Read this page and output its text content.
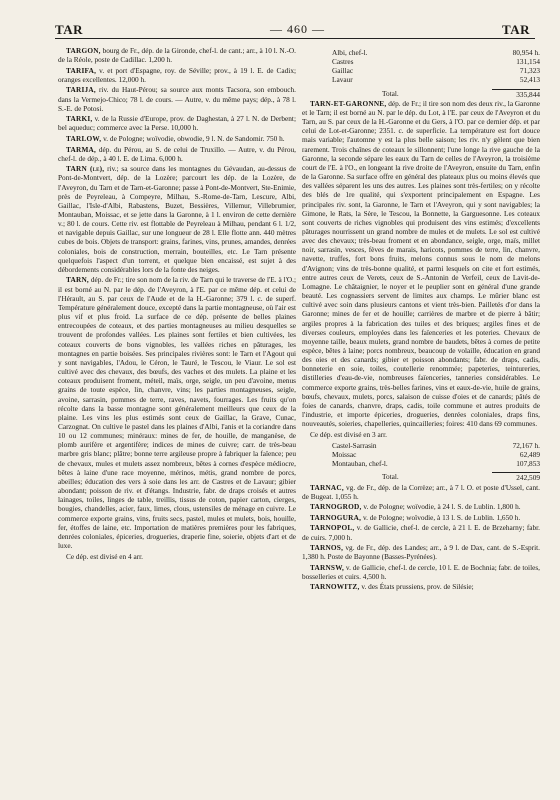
TAR	— 460 —	TAR

TARGON, bourg de Fr., dép. de la Gironde, chef-l. de cant.; arr., à 10 l. N.-O. de la Réole, poste de Cadillac. 1,200 h.

TARIFA, v. et port d'Espagne, roy. de Séville; prov., à 19 l. E. de Cadix; oranges excellentes. 12,000 h.

TARIJA, riv. du Haut-Pérou; sa source aux monts Tacsora, son embouch. dans la Vermejo-Chico; 78 l. de cours. — Autre, v. du même pays; dép., à 78 l. S.-E. de Potosi.

TARKI, v. de la Russie d'Europe, prov. de Daghestan, à 27 l. N. de Derbent; bel aqueduc; commerce avec la Perse. 10,000 h.

TARLOW, v. de Pologne; woïvodie, obwodie, 9 l. N. de Sandomir. 750 h.

TARMA, dép. du Pérou, au S. de celui de Truxillo. — Autre, v. du Pérou, chef-l. de dép., à 40 l. E. de Lima. 6,000 h.

TARN (le), riv.; sa source dans les montagnes du Gévaudan, au-dessus de Pont-de-Montvert, dép. de la Lozère; parcourt les dép. de la Lozère, de l'Aveyron, du Tarn et de Tarn-et-Garonne; passe à Pont-de-Montvert, Ste-Enimie, près de Peyreleau, à Compeyre, Milhau, S.-Rome-de-Tarn, Lescure, Albi, Gaillac, l'Isle-d'Albi, Rabastens, Buzet, Bessières, Villemur, Villebrumier, Montauban, Moissac, et se jette dans la Garonne, à 1 l. environ de cette dernière v.; 80 l. de cours. Cette riv. est flottable de Peyreleau à Milhau, pendant 6 l. 1/2, et navigable depuis Gaillac, sur une longueur de 28 l. Elle flotte ann. 440 mètres cubes de bois. Objets de transport: grains, farines, vins, prunes, amandes, denrées coloniales, bois de construction, merrain, bouteilles, etc. Le Tarn présente quelquefois l'aspect d'un torrent, et quelque bien encaissé, est sujet à des débordements considérables lors de la fonte des neiges.

TARN, dép. de Fr.; tire son nom de la riv. de Tarn qui le traverse de l'E. à l'O.; il est borné au N. par le dép. de l'Aveyron, à l'E. par ce même dép. et celui de l'Hérault, au S. par ceux de l'Aude et de la H.-Garonne; 379 l. c. de superf. Température généralement douce, excepté dans la partie montagneuse, où l'air est plus vif et plus froid. La surface de ce dép. présente de belles plaines entrecoupées de coteaux, et des parties montagneuses au milieu desquelles se trouvent de profondes vallées. Les plaines sont fertiles et bien cultivées, les coteaux couverts de bons vignobles, les vallées riches en pâturages, les montagnes en partie boisées. Ses principales rivières sont: le Tarn et l'Agout qui y sont navigables, l'Adou, le Céron, le Tauré, le Tescou, le Viaur. Le sol est cultivé avec des chevaux, des bœufs, des vaches et des mulets. La plaine et les coteaux produisent froment, méteil, maïs, orge, seigle, un peu d'avoine, menus grains de toute espèce, lin, chanvre, vins; les parties montagneuses, seigle, avoine, sarrasin, pommes de terre, raves, navets, fourrages. Les fruits qu'on récolte dans la basse montagne sont généralement meilleurs que ceux de la plaine. Les vins les plus estimés sont ceux de Gaillac, la Grave, Cunac, Carzognat. On cultive le pastel dans les plaines d'Albi, l'anis et la coriandre dans 10 ou 12 communes; minéraux: mines de fer, de houille, de manganèse, de plomb aurifère et argentifère; indices de mines de cuivre; carr. de très-beau marbre gris blanc; plâtre; bonne terre argileuse propre à fabriquer la faïence; peu de chevaux, mules et mulets assez nombreux, bêtes à cornes d'espèce médiocre, bêtes à laine d'une race moyenne, mérinos, métis, grand nombre de porcs, abeilles; éducation des vers à soie dans les arr. de Castres et de Lavaur; gibier abondant; poisson de riv. et d'étangs. Industrie, fabr. de draps croisés et autres lainages, toiles, linges de table, treillis, tissus de coton, papier carton, cierges, bougies, chandelles, acier, faux, limes, clous, ustensiles de ménage en cuivre. Le commerce exporte grains, vins, fruits secs, pastel, mules et mulets, bois, houille, fer, étoffes de laine, etc. Importation de matières premières pour les fabriques, denrées coloniales, épiceries, drogueries, draperie fine, soierie, objets d'art et de luxe.

Ce dép. est divisé en 4 arr.

Albi, chef-l.	80,954 h.
Castres	131,154
Gaillac	71,323
Lavaur	52,413
Total.	335,844

TARN-ET-GARONNE, dép. de Fr.; il tire son nom des deux riv., la Garonne et le Tarn; il est borné au N. par le dép. du Lot, à l'E. par ceux de l'Aveyron et du Tarn, au S. par ceux de la H.-Garonne et du Gers, à l'O. par ce dernier dép. et par celui de Lot-et-Garonne; 2351. c. de superficie. La température est fort douce mais variable; l'automne y est la plus belle saison; les riv. n'y gèlent que bien rarement. Trois chaînes de coteaux le sillonnent; l'une longe la rive gauche de la Garonne, la seconde sépare les eaux du Tarn de celles de l'Aveyron, la troisième court de l'E. à l'O., en longeant la rive droite de l'Aveyron, ensuite du Tarn, enfin de la Garonne. Sa surface offre en général des plateaux plus ou moins élevés que des vallées séparent les uns des autres. Les plaines sont très-fertiles; on y récolte des blés de 1re qualité, qui s'exportent principalement en Espagne. Les principales riv. sont, la Garonne, le Tarn et l'Aveyron, qui y sont navigables; la Gimone, le Rats, la Sère, le Tescou, la Bonnette, la Garguesonne. Les coteaux sont couverts de riches vignobles qui produisent des vins estimés; d'excellents pâturages nourrissent un grand nombre de mules et de mulets. Le sol est cultivé avec des chevaux; très-beau froment et en abondance, seigle, orge, maïs, millet noir, sarrasin, vesces, fèves de marais, haricots, pommes de terre, lin, chanvre, navette, truffes, fort bons fruits, melons connus sous le nom de melons d'Avignon; vins de très-bonne qualité, et parmi lesquels on cite et fort estimés, entre autres ceux de Verets, ceux de S.-Antonin de Verfeil, ceux de Lavit-de-Lomagne. Le châtaignier, le noyer et le peuplier sont en général d'une grande beauté. Les cognassiers servent de limites aux champs. Le mûrier blanc est cultivé avec soin dans plusieurs cantons et vient très-bien. Pailletés d'or dans la Garonne; mines de fer et de houille; carrières de marbre et de pierre à bâtir; argiles propres à la fabrication des tuiles et des briques; argiles fines et de diverses couleurs, employées dans les faïenceries et les poteries. Chevaux de moyenne taille, beaux mulets, grand nombre de baudets, bêtes à cornes de petite espèce, bêtes à laine; porcs nombreux, beaucoup de volaille, éducation en grand des oies et des canards; gibier et poisson abondants; fabr. de draps, cadis, bonneterie en soie, toiles, coutellerie renommée; papeteries, teintureries, distilleries d'eau-de-vie, nombreuses faïenceries, tanneries considérables. Le commerce exporte grains, très-belles farines, vins et eaux-de-vie, huile de grains, bœufs, chevaux, mulets, porcs, salaison de cuisse d'oies et de canards; pâtés de foies de canards, chanvre, draps, cadis, toile commune et autres produits de l'industrie, et importe épiceries, drogueries, denrées coloniales, draps fins, nouveautés, soieries, chapelleries, quincailleries; foires: 410 dans 69 communes.

Ce dép. est divisé en 3 arr.

Castel-Sarrasin	72,167 h.
Moissac	62,489
Montauban, chef-l.	107,853
Total.	242,509

TARNAC, vg. de Fr., dép. de la Corrèze; arr., à 7 l. O. et poste d'Ussel, cant. de Bugeat. 1,055 h.

TARNOGROD, v. de Pologne; woïvodie, à 24 l. S. de Lublin. 1,800 h.

TARNOGURA, v. de Pologne; woïvodie, à 13 l. S. de Lublin. 1,650 h.

TARNOPOL, v. de Gallicie, chef-l. de cercle, à 21 l. E. de Brzeharny; fabr. de cuirs. 7,000 h.

TARNOS, vg. de Fr., dép. des Landes; arr., à 9 l. de Dax, cant. de S.-Esprit. 1,380 h. Poste de Bayonne (Basses-Pyrénées).

TARNSW, v. de Gallicie, chef-l. de cercle, 10 l. E. de Bochnia; fabr. de toiles, bosselleries et cuirs. 4,500 h.

TARNOWITZ, v. des États prussiens, prov. de Silésie;
